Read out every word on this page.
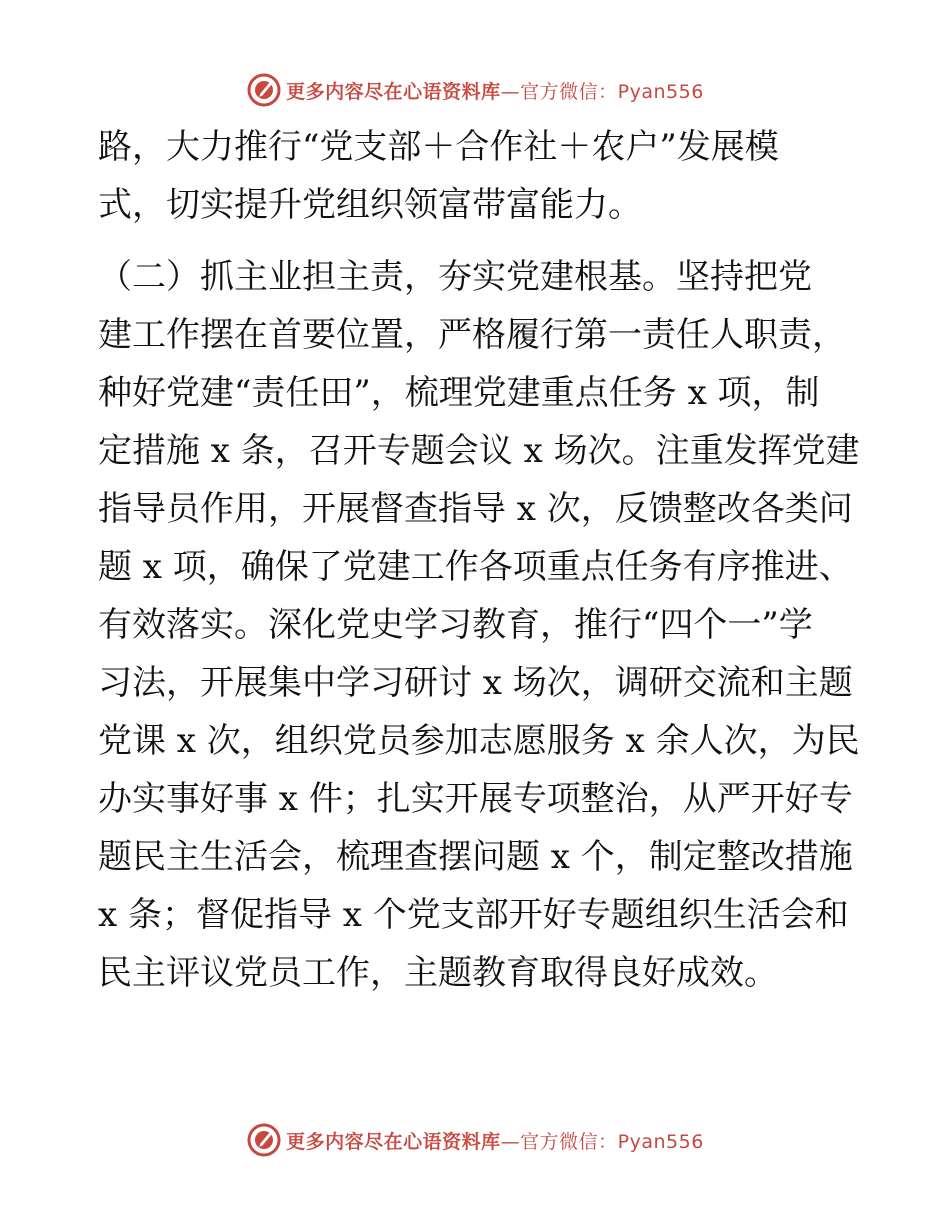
更多内容尽在心语资料库—官方微信：Pyan556
路，大力推行“党支部＋合作社＋农户”发展模
式，切实提升党组织领富带富能力。
（二）抓主业担主责，夯实党建根基。坚持把党
建工作摆在首要位置，严格履行第一责任人职责，
种好党建“责任田”，梳理党建重点任务 x 项，制
定措施 x 条，召开专题会议 x 场次。注重发挥党建
指导员作用，开展督查指导 x 次，反馈整改各类问
题 x 项，确保了党建工作各项重点任务有序推进、
有效落实。深化党史学习教育，推行“四个一”学
习法，开展集中学习研讨 x 场次，调研交流和主题
党课 x 次，组织党员参加志愿服务 x 余人次，为民
办实事好事 x 件；扎实开展专项整治，从严开好专
题民主生活会，梳理查摆问题 x 个，制定整改措施
x 条；督促指导 x 个党支部开好专题组织生活会和
民主评议党员工作，主题教育取得良好成效。
更多内容尽在心语资料库—官方微信：Pyan556
